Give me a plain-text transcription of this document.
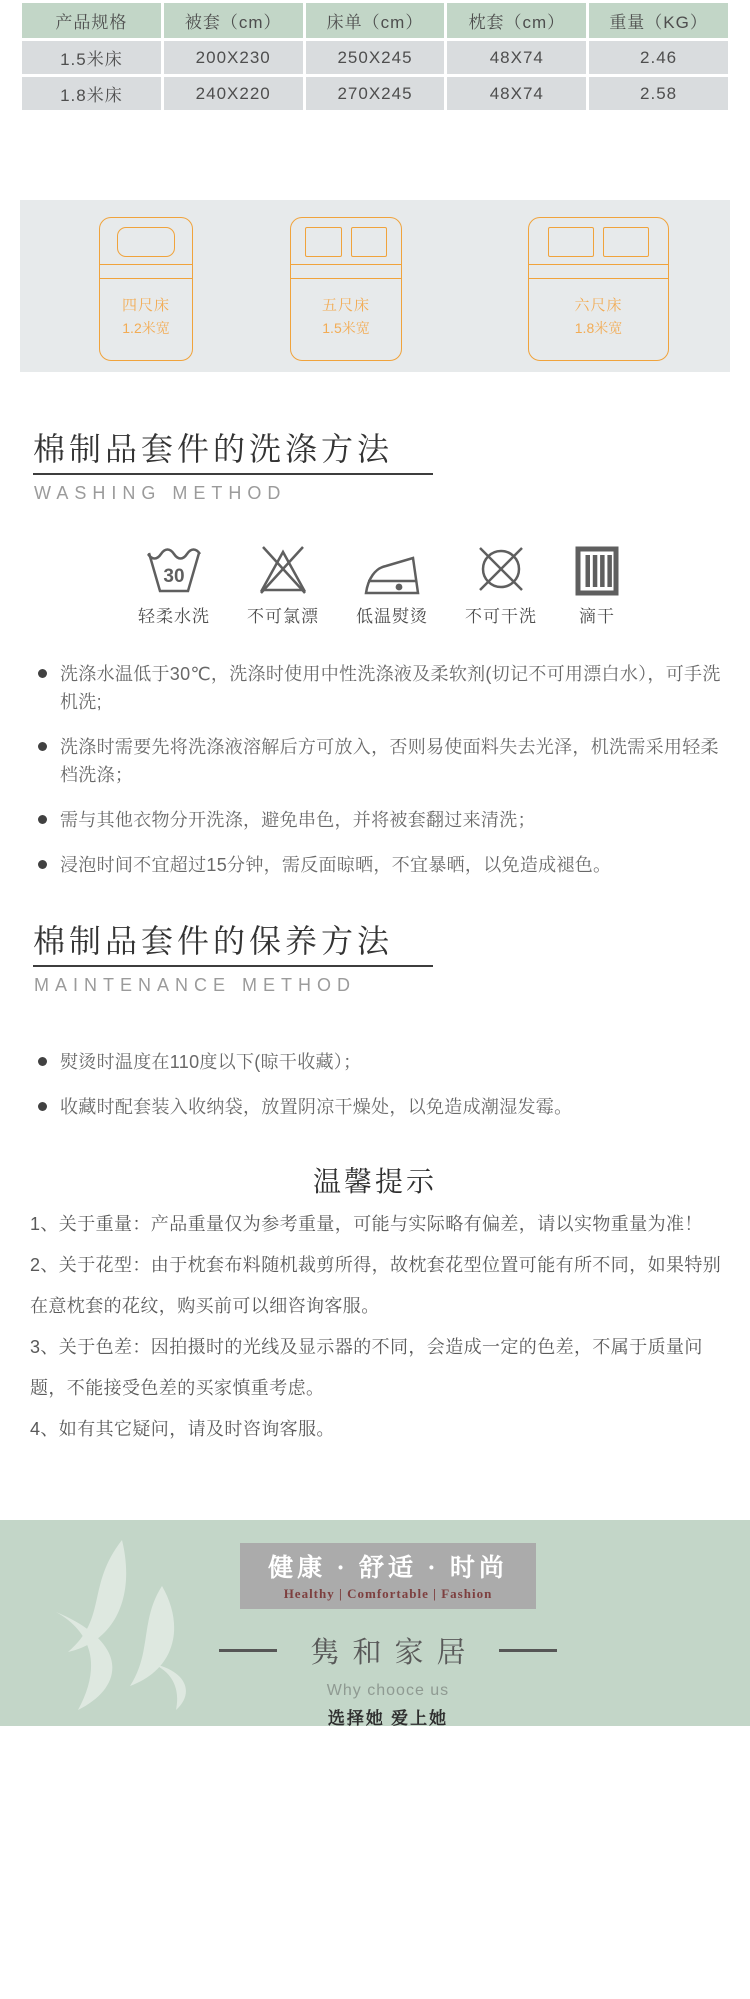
产品规格	被套（cm）	床单（cm）	枕套（cm）	重量（KG）
1.5米床	200X230	250X245	48X74	2.46
1.8米床	240X220	270X245	48X74	2.58
四尺床
1.2米宽
五尺床
1.5米宽
六尺床
1.8米宽
棉制品套件的洗涤方法
WASHING METHOD
30
轻柔水洗 不可氯漂 低温熨烫 不可干洗 滴干
洗涤水温低于30℃，洗涤时使用中性洗涤液及柔软剂(切记不可用漂白水），可手洗机洗;
洗涤时需要先将洗涤液溶解后方可放入，否则易使面料失去光泽，机洗需采用轻柔档洗涤；
需与其他衣物分开洗涤，避免串色，并将被套翻过来清洗；
浸泡时间不宜超过15分钟，需反面晾晒，不宜暴晒，以免造成褪色。
棉制品套件的保养方法
MAINTENANCE METHOD
熨烫时温度在110度以下(晾干收藏）；
收藏时配套装入收纳袋，放置阴凉干燥处，以免造成潮湿发霉。
温馨提示

1、关于重量：产品重量仅为参考重量，可能与实际略有偏差，请以实物重量为准！

2、关于花型：由于枕套布料随机裁剪所得，故枕套花型位置可能有所不同，如果特别在意枕套的花纹，购买前可以细咨询客服。

3、关于色差：因拍摄时的光线及显示器的不同，会造成一定的色差，不属于质量问题，不能接受色差的买家慎重考虑。

4、如有其它疑问，请及时咨询客服。

健康 · 舒适 · 时尚
Healthy | Comfortable | Fashion
隽和家居
Why chooce us
选择她 爱上她
精选专柜功能材料，致力于产品品质，专注于产品细节
